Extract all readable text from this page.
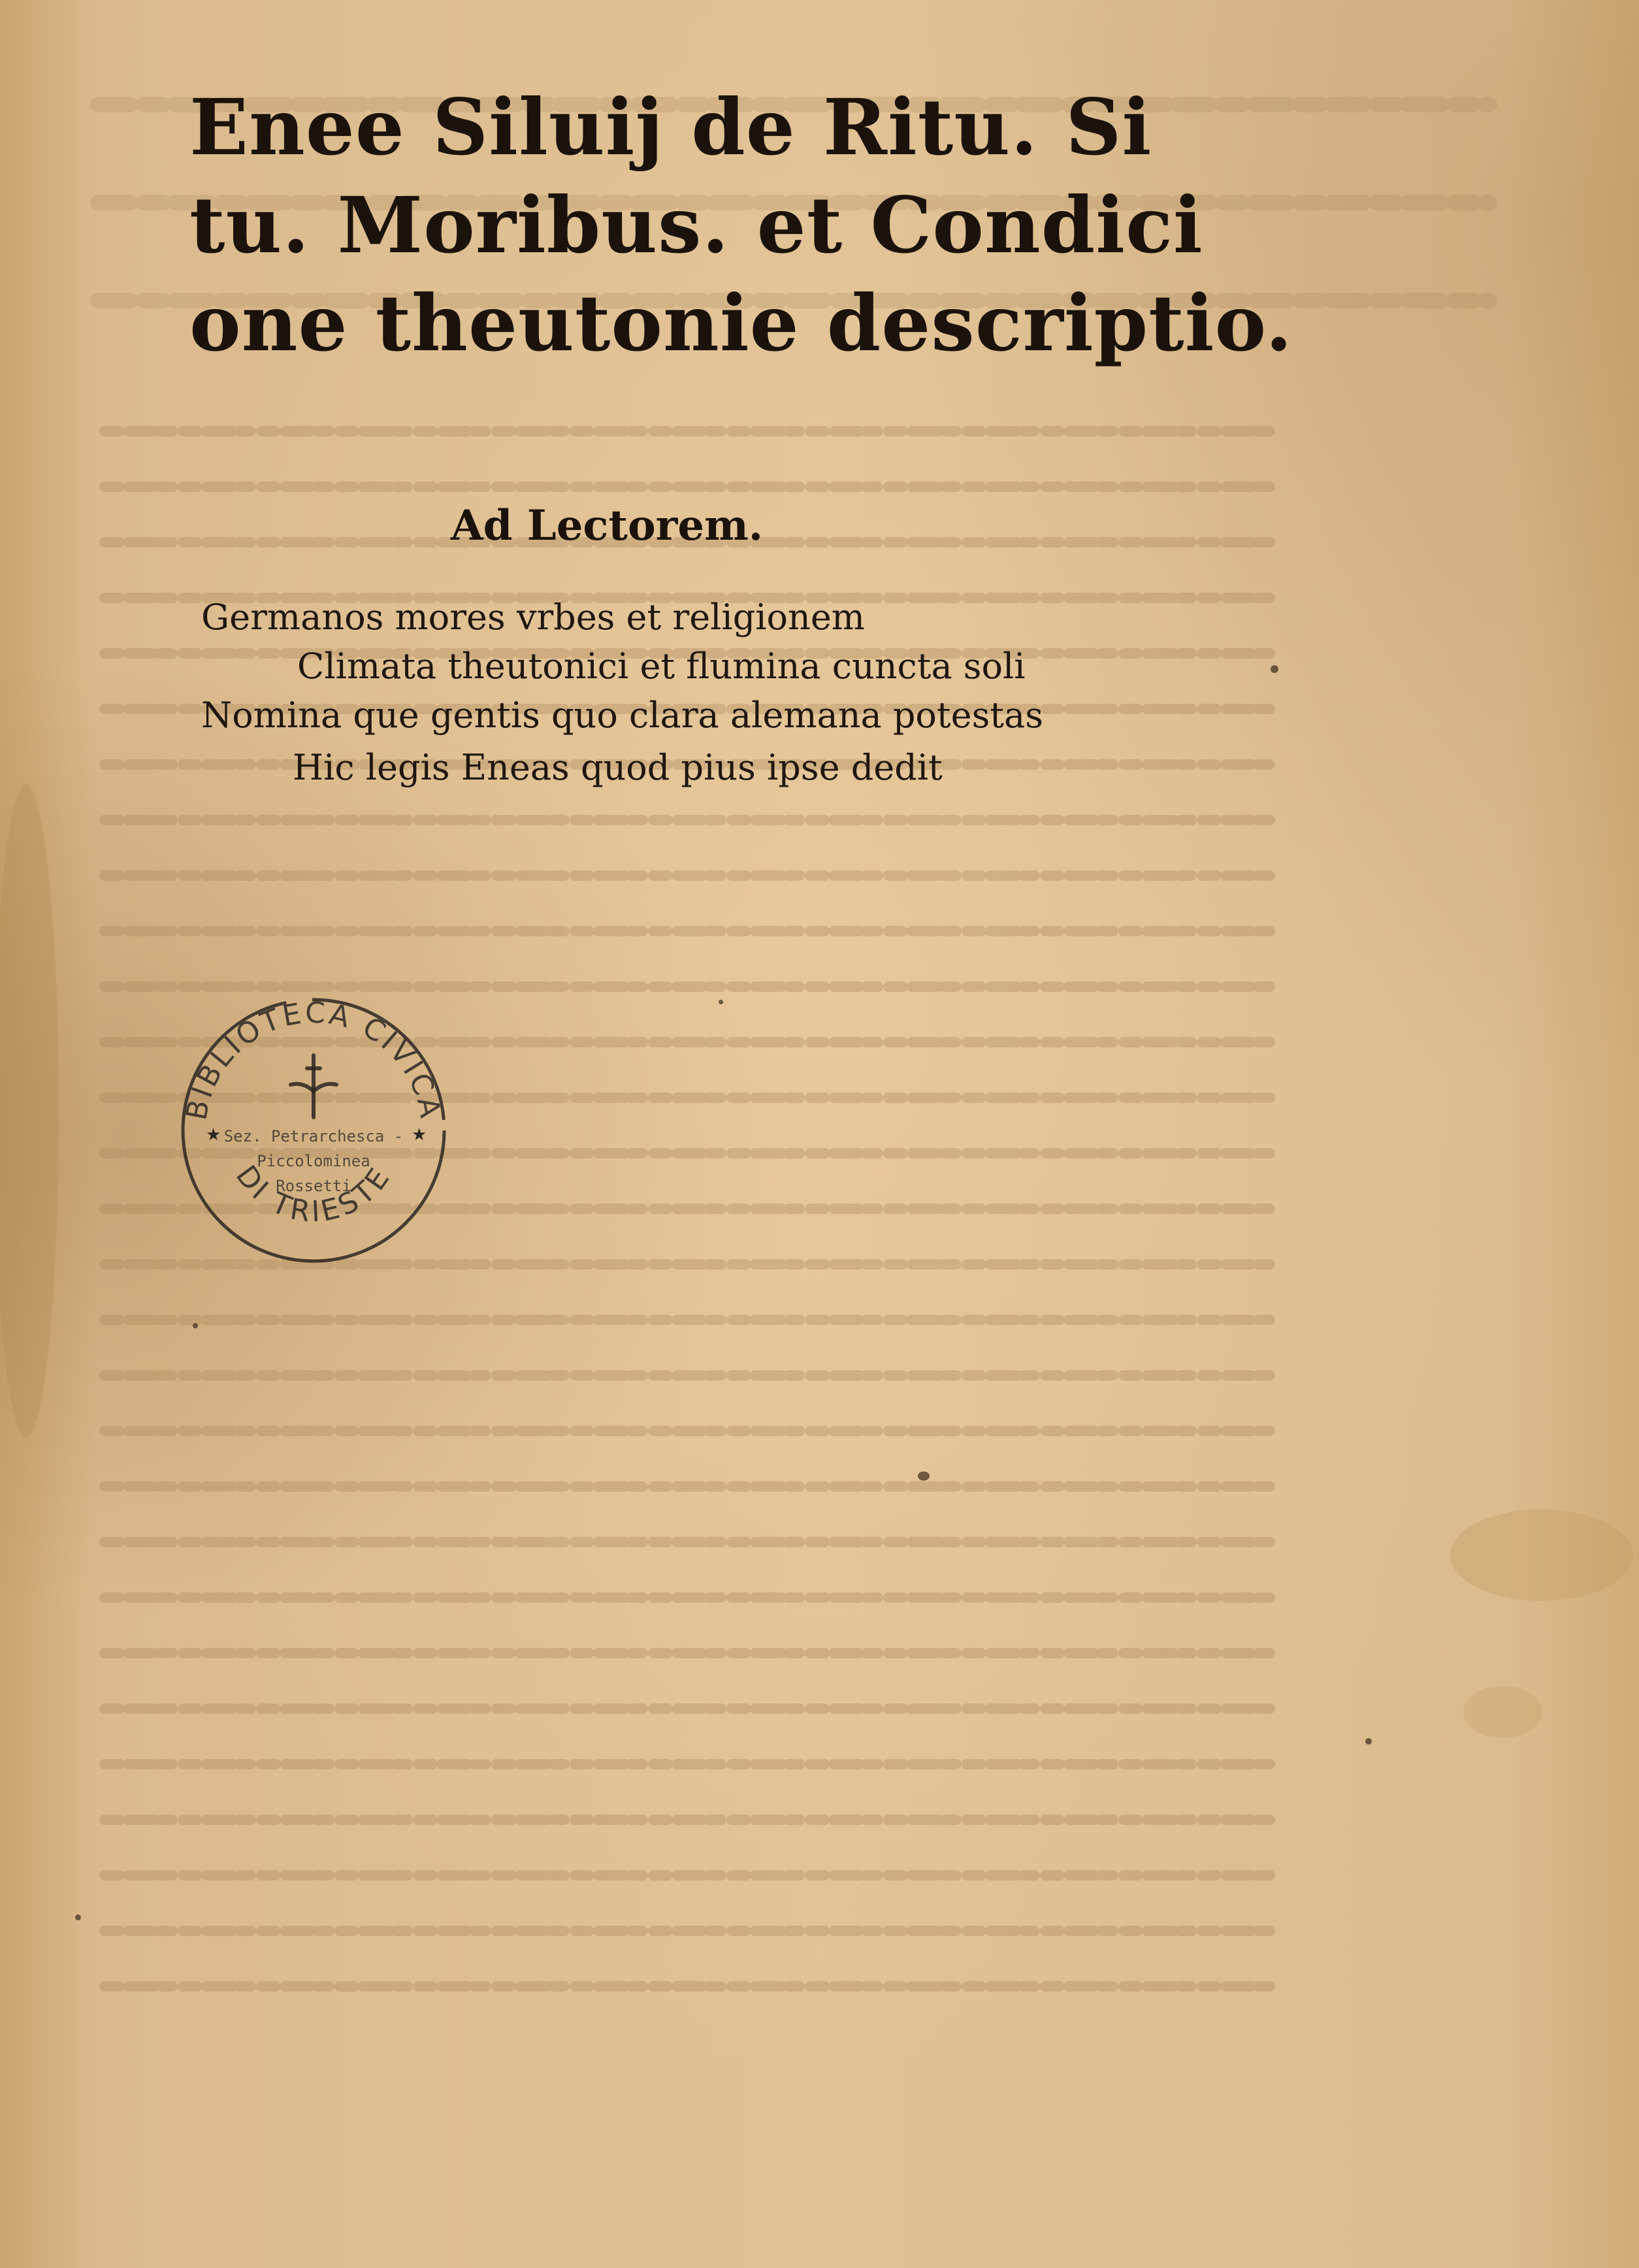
Enee Siluij de Ritu. Si
tu. Moribus. et Condici
one theutonie descriptio.
Ad Lectorem.
Germanos mores vrbes et religionem
Climata theutonici et flumina cuncta soli
Nomina que gentis quo clara alemana potestas
Hic legis Eneas quod pius ipse dedit
BIBLIOTECA CIVICA
DI TRIESTE
★	★
Sez. Petrarchesca -
Piccolominea
Rossetti
